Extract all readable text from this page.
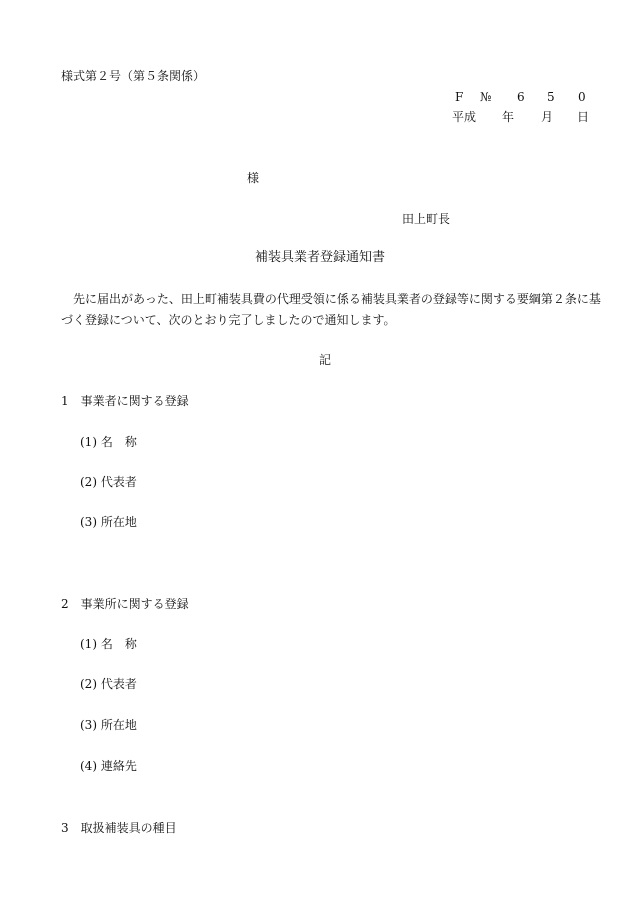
様式第２号（第５条関係）
F № 6 5 0
平成 年 月 日
様
田上町長
補装具業者登録通知書
　先に届出があった、田上町補装具費の代理受領に係る補装具業者の登録等に関する要綱第２条に基づく登録について、次のとおり完了しましたので通知します。
記
1　事業者に関する登録
(1) 名　称
(2) 代表者
(3) 所在地
2　事業所に関する登録
(1) 名　称
(2) 代表者
(3) 所在地
(4) 連絡先
3　取扱補装具の種目
